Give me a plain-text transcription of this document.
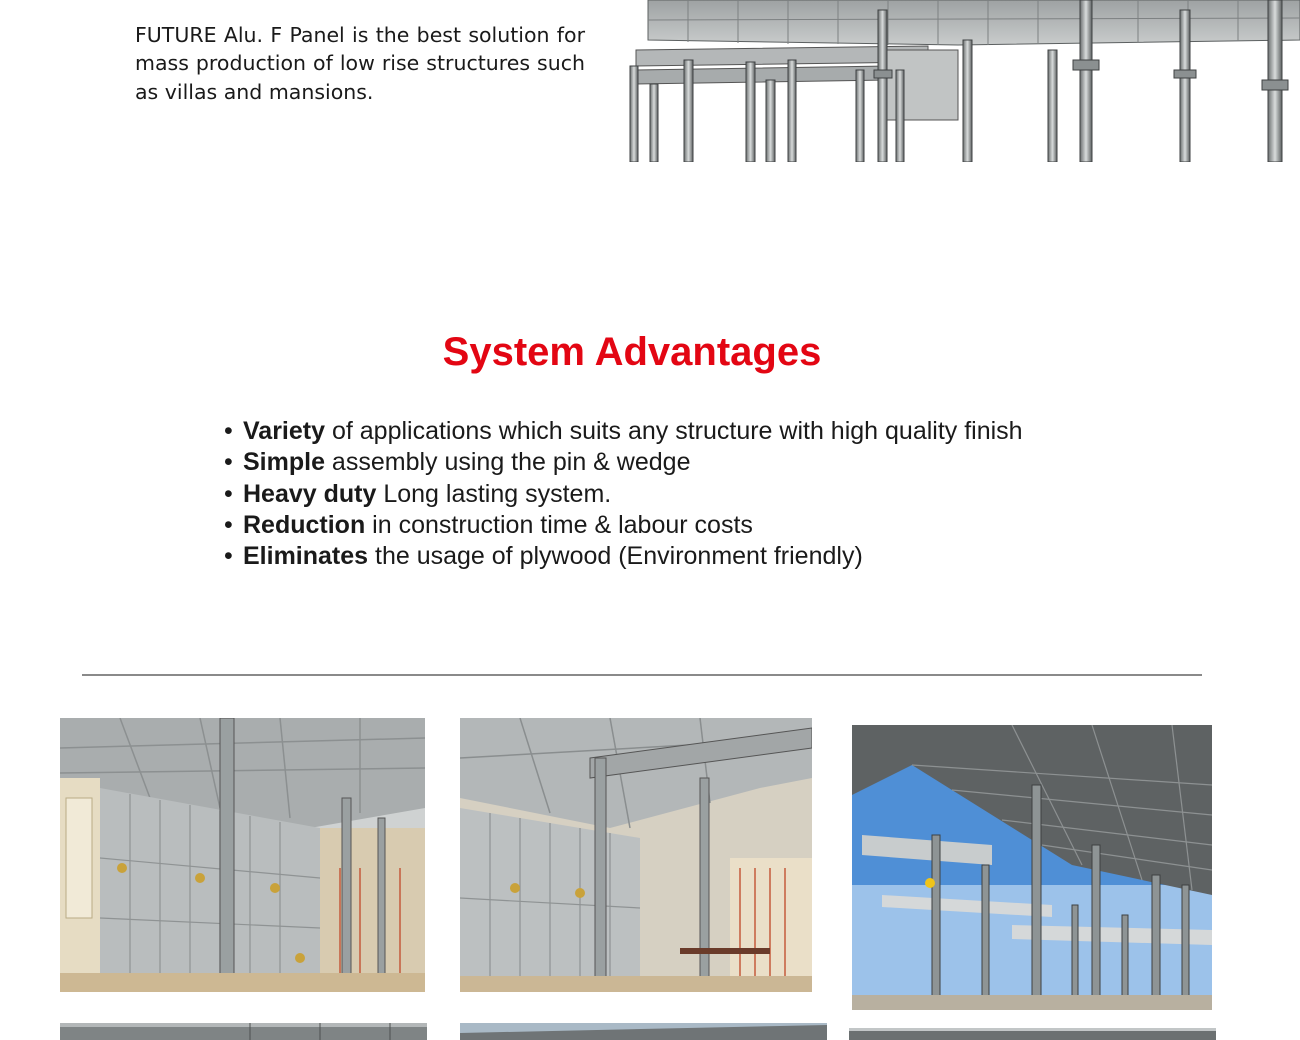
FUTURE Alu. F Panel is the best solution for mass production of low rise structures such as villas and mansions.

System Advantages
• Variety of applications which suits any structure with high quality finish
• Simple assembly using the pin & wedge
• Heavy duty Long lasting system.
• Reduction in construction time & labour costs
• Eliminates the usage of plywood (Environment friendly)
